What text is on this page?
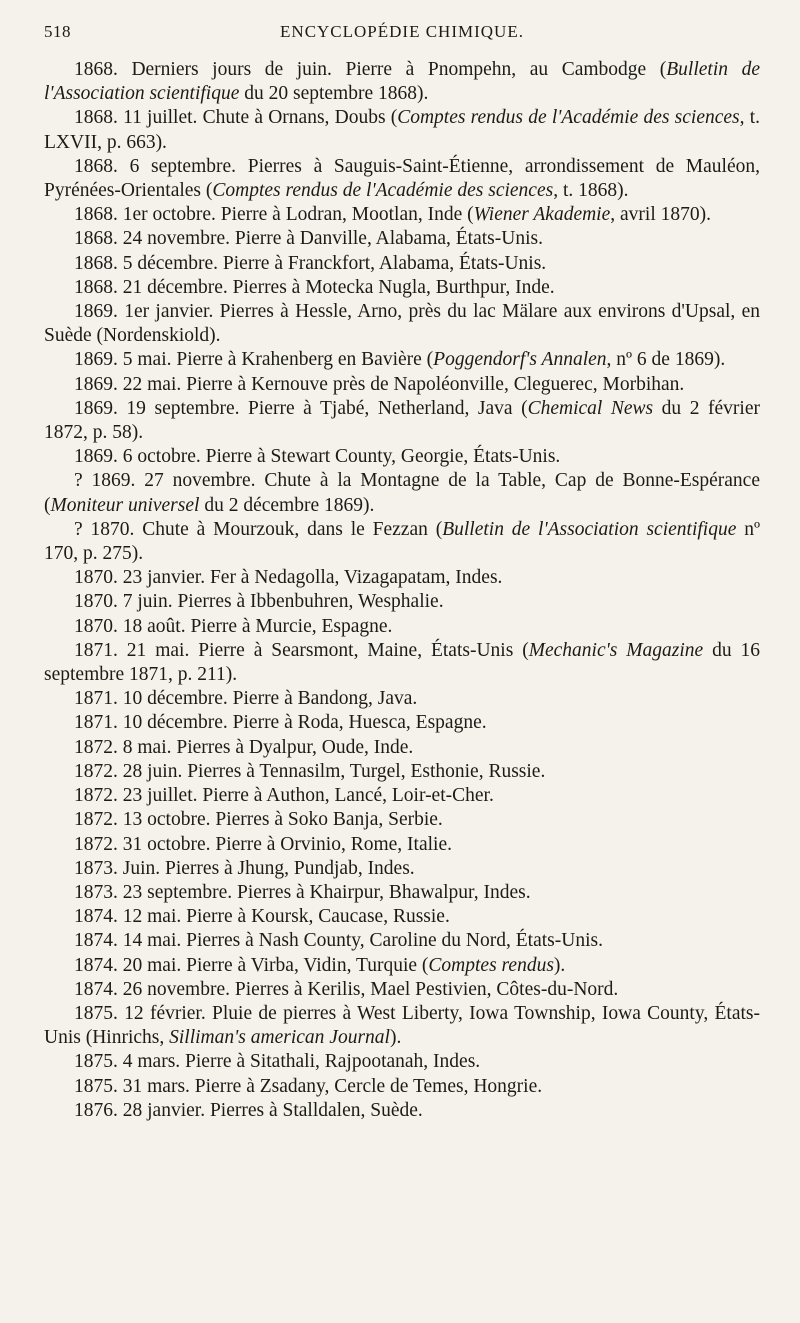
518	ENCYCLOPÉDIE CHIMIQUE.

1868. Derniers jours de juin. Pierre à Pnompehn, au Cambodge (Bulletin de l'Association scientifique du 20 septembre 1868).

1868. 11 juillet. Chute à Ornans, Doubs (Comptes rendus de l'Académie des sciences, t. LXVII, p. 663).

1868. 6 septembre. Pierres à Sauguis-Saint-Étienne, arrondissement de Mauléon, Pyrénées-Orientales (Comptes rendus de l'Académie des sciences, t. 1868).

1868. 1er octobre. Pierre à Lodran, Mootlan, Inde (Wiener Akademie, avril 1870).

1868. 24 novembre. Pierre à Danville, Alabama, États-Unis.

1868. 5 décembre. Pierre à Franckfort, Alabama, États-Unis.

1868. 21 décembre. Pierres à Motecka Nugla, Burthpur, Inde.

1869. 1er janvier. Pierres à Hessle, Arno, près du lac Mälare aux environs d'Upsal, en Suède (Nordenskiold).

1869. 5 mai. Pierre à Krahenberg en Bavière (Poggendorf's Annalen, nº 6 de 1869).

1869. 22 mai. Pierre à Kernouve près de Napoléonville, Cleguerec, Morbihan.

1869. 19 septembre. Pierre à Tjabé, Netherland, Java (Chemical News du 2 février 1872, p. 58).

1869. 6 octobre. Pierre à Stewart County, Georgie, États-Unis.

? 1869. 27 novembre. Chute à la Montagne de la Table, Cap de Bonne-Espérance (Moniteur universel du 2 décembre 1869).

? 1870. Chute à Mourzouk, dans le Fezzan (Bulletin de l'Association scientifique nº 170, p. 275).

1870. 23 janvier. Fer à Nedagolla, Vizagapatam, Indes.

1870. 7 juin. Pierres à Ibbenbuhren, Wesphalie.

1870. 18 août. Pierre à Murcie, Espagne.

1871. 21 mai. Pierre à Searsmont, Maine, États-Unis (Mechanic's Magazine du 16 septembre 1871, p. 211).

1871. 10 décembre. Pierre à Bandong, Java.

1871. 10 décembre. Pierre à Roda, Huesca, Espagne.

1872. 8 mai. Pierres à Dyalpur, Oude, Inde.

1872. 28 juin. Pierres à Tennasilm, Turgel, Esthonie, Russie.

1872. 23 juillet. Pierre à Authon, Lancé, Loir-et-Cher.

1872. 13 octobre. Pierres à Soko Banja, Serbie.

1872. 31 octobre. Pierre à Orvinio, Rome, Italie.

1873. Juin. Pierres à Jhung, Pundjab, Indes.

1873. 23 septembre. Pierres à Khairpur, Bhawalpur, Indes.

1874. 12 mai. Pierre à Koursk, Caucase, Russie.

1874. 14 mai. Pierres à Nash County, Caroline du Nord, États-Unis.

1874. 20 mai. Pierre à Virba, Vidin, Turquie (Comptes rendus).

1874. 26 novembre. Pierres à Kerilis, Mael Pestivien, Côtes-du-Nord.

1875. 12 février. Pluie de pierres à West Liberty, Iowa Township, Iowa County, États-Unis (Hinrichs, Silliman's american Journal).

1875. 4 mars. Pierre à Sitathali, Rajpootanah, Indes.

1875. 31 mars. Pierre à Zsadany, Cercle de Temes, Hongrie.

1876. 28 janvier. Pierres à Stalldalen, Suède.
